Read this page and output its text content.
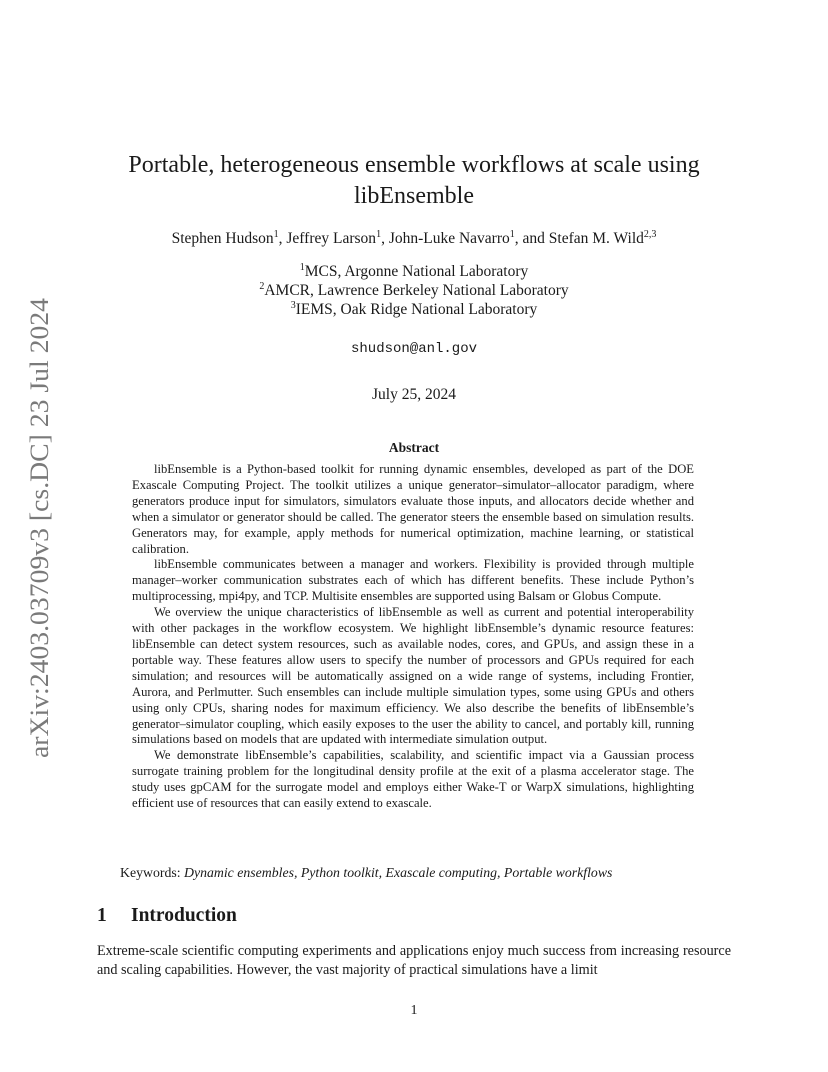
arXiv:2403.03709v3 [cs.DC] 23 Jul 2024
Portable, heterogeneous ensemble workflows at scale using libEnsemble
Stephen Hudson$^1$, Jeffrey Larson$^1$, John-Luke Navarro$^1$, and Stefan M. Wild$^{2,3}$
$^1$MCS, Argonne National Laboratory
$^2$AMCR, Lawrence Berkeley National Laboratory
$^3$IEMS, Oak Ridge National Laboratory
shudson@anl.gov
July 25, 2024
Abstract

libEnsemble is a Python-based toolkit for running dynamic ensembles, developed as part of the DOE Exascale Computing Project. The toolkit utilizes a unique generator–simulator–allocator paradigm, where generators produce input for simulators, simulators evaluate those inputs, and allocators decide whether and when a simulator or generator should be called. The generator steers the ensemble based on simulation results. Generators may, for example, apply methods for numerical optimization, machine learning, or statistical calibration.

libEnsemble communicates between a manager and workers. Flexibility is provided through multiple manager–worker communication substrates each of which has different benefits. These include Python’s multiprocessing, mpi4py, and TCP. Multisite ensembles are supported using Balsam or Globus Compute.

We overview the unique characteristics of libEnsemble as well as current and potential interoperability with other packages in the workflow ecosystem. We highlight libEnsemble’s dynamic resource features: libEnsemble can detect system resources, such as available nodes, cores, and GPUs, and assign these in a portable way. These features allow users to specify the number of processors and GPUs required for each simulation; and resources will be automatically assigned on a wide range of systems, including Frontier, Aurora, and Perlmutter. Such ensembles can include multiple simulation types, some using GPUs and others using only CPUs, sharing nodes for maximum efficiency. We also describe the benefits of libEnsemble’s generator–simulator coupling, which easily exposes to the user the ability to cancel, and portably kill, running simulations based on models that are updated with intermediate simulation output.

We demonstrate libEnsemble’s capabilities, scalability, and scientific impact via a Gaussian process surrogate training problem for the longitudinal density profile at the exit of a plasma accelerator stage. The study uses gpCAM for the surrogate model and employs either Wake-T or WarpX simulations, highlighting efficient use of resources that can easily extend to exascale.

Keywords: Dynamic ensembles, Python toolkit, Exascale computing, Portable workflows
1 Introduction

Extreme-scale scientific computing experiments and applications enjoy much success from increasing resource and scaling capabilities. However, the vast majority of practical simulations have a limit

1
